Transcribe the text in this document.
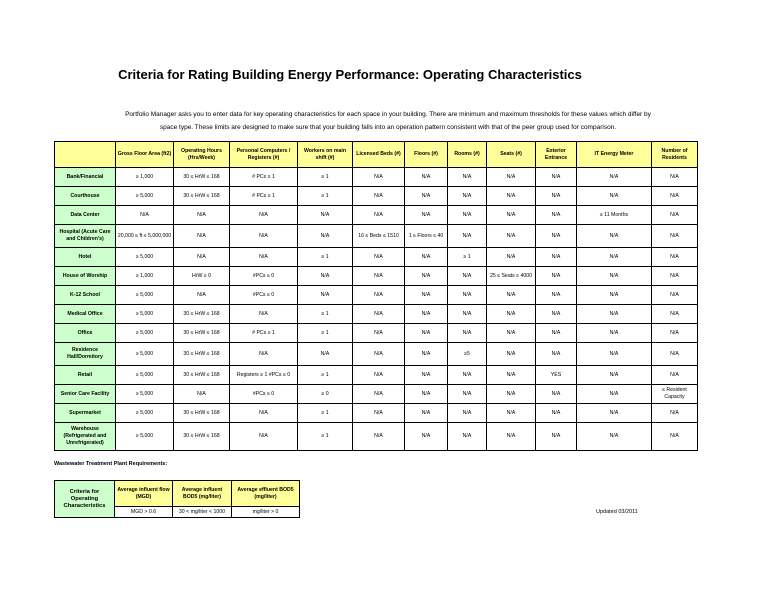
Criteria for Rating Building Energy Performance: Operating Characteristics
Portfolio Manager asks you to enter data for key operating characteristics for each space in your building. There are minimum and maximum thresholds for these values which differ by
space type. These limits are designed to make sure that your building falls into an operation pattern consistent with that of the peer group used for comparison.
	Gross Floor Area (ft2)	Operating Hours (Hrs/Week)	Personal Computers / Registers (#)	Workers on main shift (#)	Licensed Beds (#)	Floors (#)	Rooms (#)	Seats (#)	Exterior Entrance	IT Energy Meter	Number of Residents
Bank/Financial	≥ 1,000	30 ≤ HrW ≤ 168	# PCs ≥ 1	≥ 1	N/A	N/A	N/A	N/A	N/A	N/A	N/A
Courthouse	≥ 5,000	30 ≤ HrW ≤ 168	# PCs ≥ 1	≥ 1	N/A	N/A	N/A	N/A	N/A	N/A	N/A
Data Center	N/A	N/A	N/A	N/A	N/A	N/A	N/A	N/A	N/A	≥ 11 Months	N/A
Hospital (Acute Care and Children's)	20,000 ≤ ft ≤ 5,000,000	N/A	N/A	N/A	16 ≤ Beds ≤ 1510	1 ≤ Floors ≤ 40	N/A	N/A	N/A	N/A	N/A
Hotel	≥ 5,000	N/A	N/A	≥ 1	N/A	N/A	≥ 1	N/A	N/A	N/A	N/A
House of Worship	≥ 1,000	HrW ≥ 0	#PCs ≥ 0	N/A	N/A	N/A	N/A	25 ≤ Seats ≤ 4000	N/A	N/A	N/A
K-12 School	≥ 5,000	N/A	#PCs ≥ 0	N/A	N/A	N/A	N/A	N/A	N/A	N/A	N/A
Medical Office	≥ 5,000	30 ≤ HrW ≤ 168	N/A	≥ 1	N/A	N/A	N/A	N/A	N/A	N/A	N/A
Office	≥ 5,000	30 ≤ HrW ≤ 168	# PCs ≥ 1	≥ 1	N/A	N/A	N/A	N/A	N/A	N/A	N/A
Residence Hall/Dormitory	≥ 5,000	30 ≤ HrW ≤ 168	N/A	N/A	N/A	N/A	≥5	N/A	N/A	N/A	N/A
Retail	≥ 5,000	30 ≤ HrW ≤ 168	Registers ≥ 1 #PCs ≥ 0	≥ 1	N/A	N/A	N/A	N/A	YES	N/A	N/A
Senior Care Facility	≥ 5,000	N/A	#PCs ≥ 0	≥ 0	N/A	N/A	N/A	N/A	N/A	N/A	≤ Resident Capacity
Supermarket	≥ 5,000	30 ≤ HrW ≤ 168	N/A	≥ 1	N/A	N/A	N/A	N/A	N/A	N/A	N/A
Warehouse (Refrigerated and Unrefrigerated)	≥ 5,000	30 ≤ HrW ≤ 168	N/A	≥ 1	N/A	N/A	N/A	N/A	N/A	N/A	N/A
Wastewater Treatment Plant Requirements:
Criteria for Operating Characteristics	Average influent flow (MGD)	Average influent BOD5 (mg/liter)	Average effluent BOD5 (mg/liter)
	MGD > 0.6	30 < mg/liter < 1000	mg/liter > 0	Updated 03/2011
